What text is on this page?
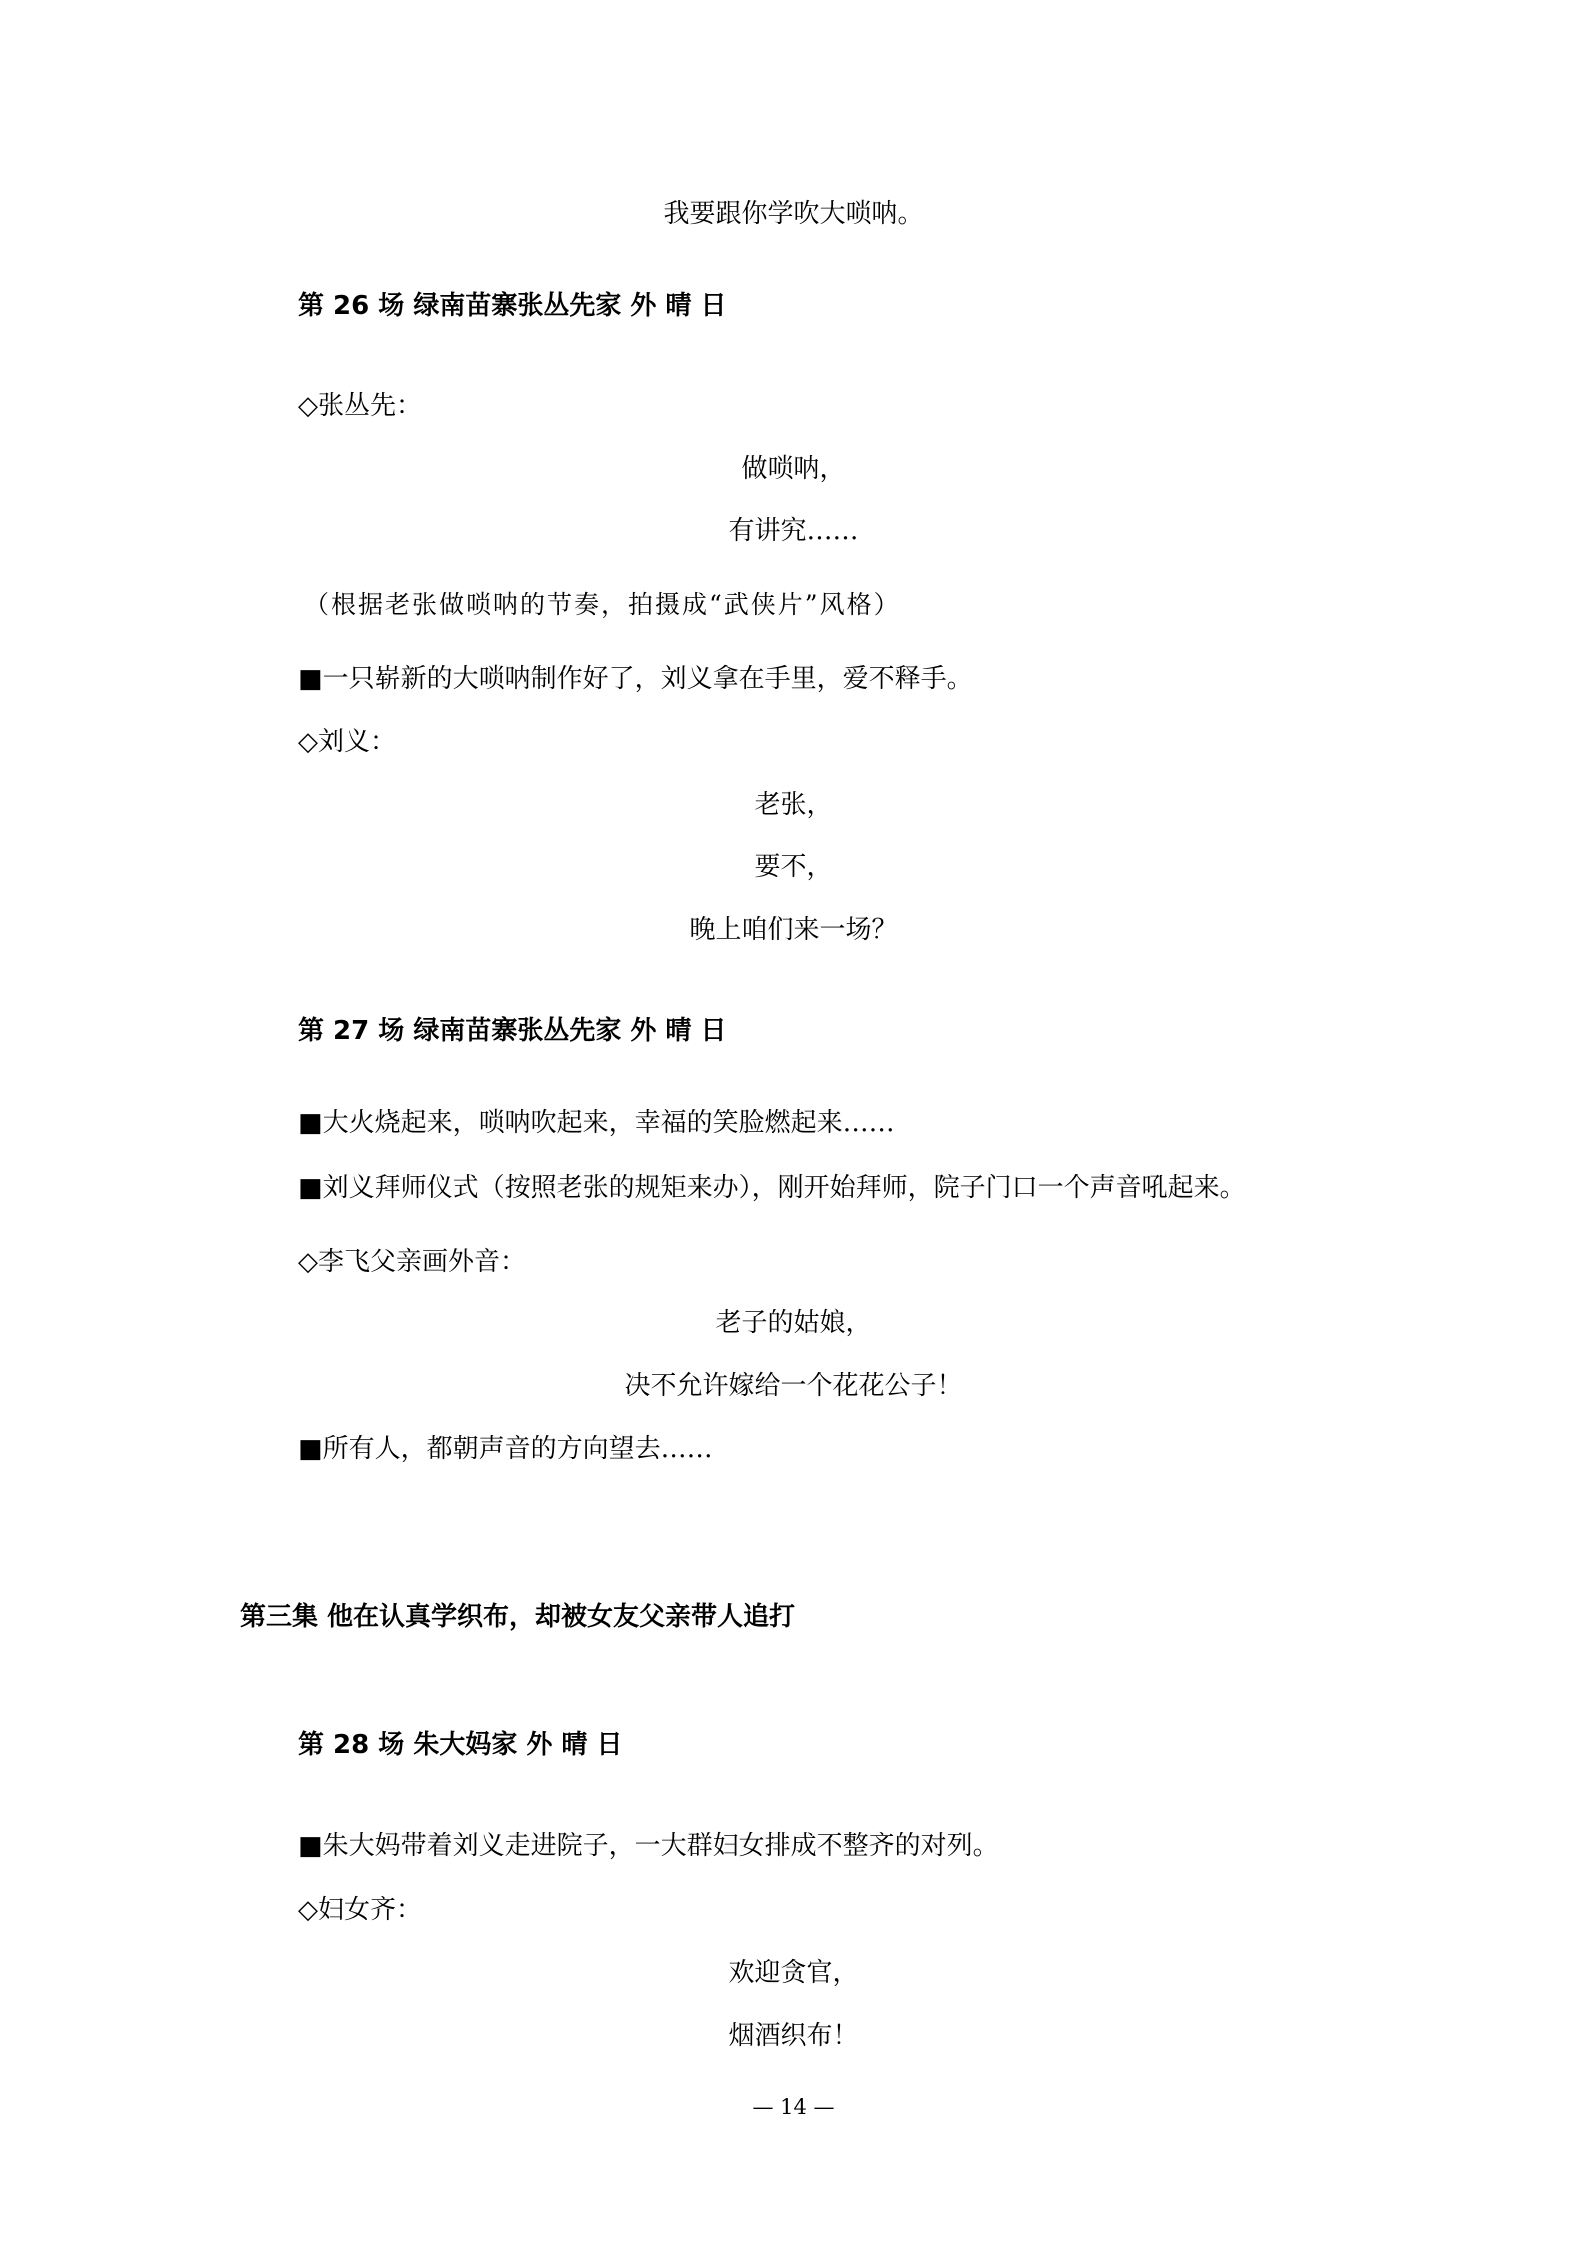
我要跟你学吹大唢呐。
第 26 场 绿南苗寨张丛先家 外 晴 日
◇张丛先：
做唢呐，
有讲究……
（根据老张做唢呐的节奏，拍摄成“武侠片”风格）
■一只崭新的大唢呐制作好了，刘义拿在手里，爱不释手。
◇刘义：
老张，
要不，
晚上咱们来一场？
第 27 场 绿南苗寨张丛先家 外 晴 日
■大火烧起来，唢呐吹起来，幸福的笑脸燃起来……
■刘义拜师仪式（按照老张的规矩来办），刚开始拜师，院子门口一个声音吼起来。
◇李飞父亲画外音：
老子的姑娘，
决不允许嫁给一个花花公子！
■所有人，都朝声音的方向望去……
第三集 他在认真学织布，却被女友父亲带人追打
第 28 场 朱大妈家 外 晴 日
■朱大妈带着刘义走进院子，一大群妇女排成不整齐的对列。
◇妇女齐：
欢迎贪官，
烟酒织布！
— 14 —
